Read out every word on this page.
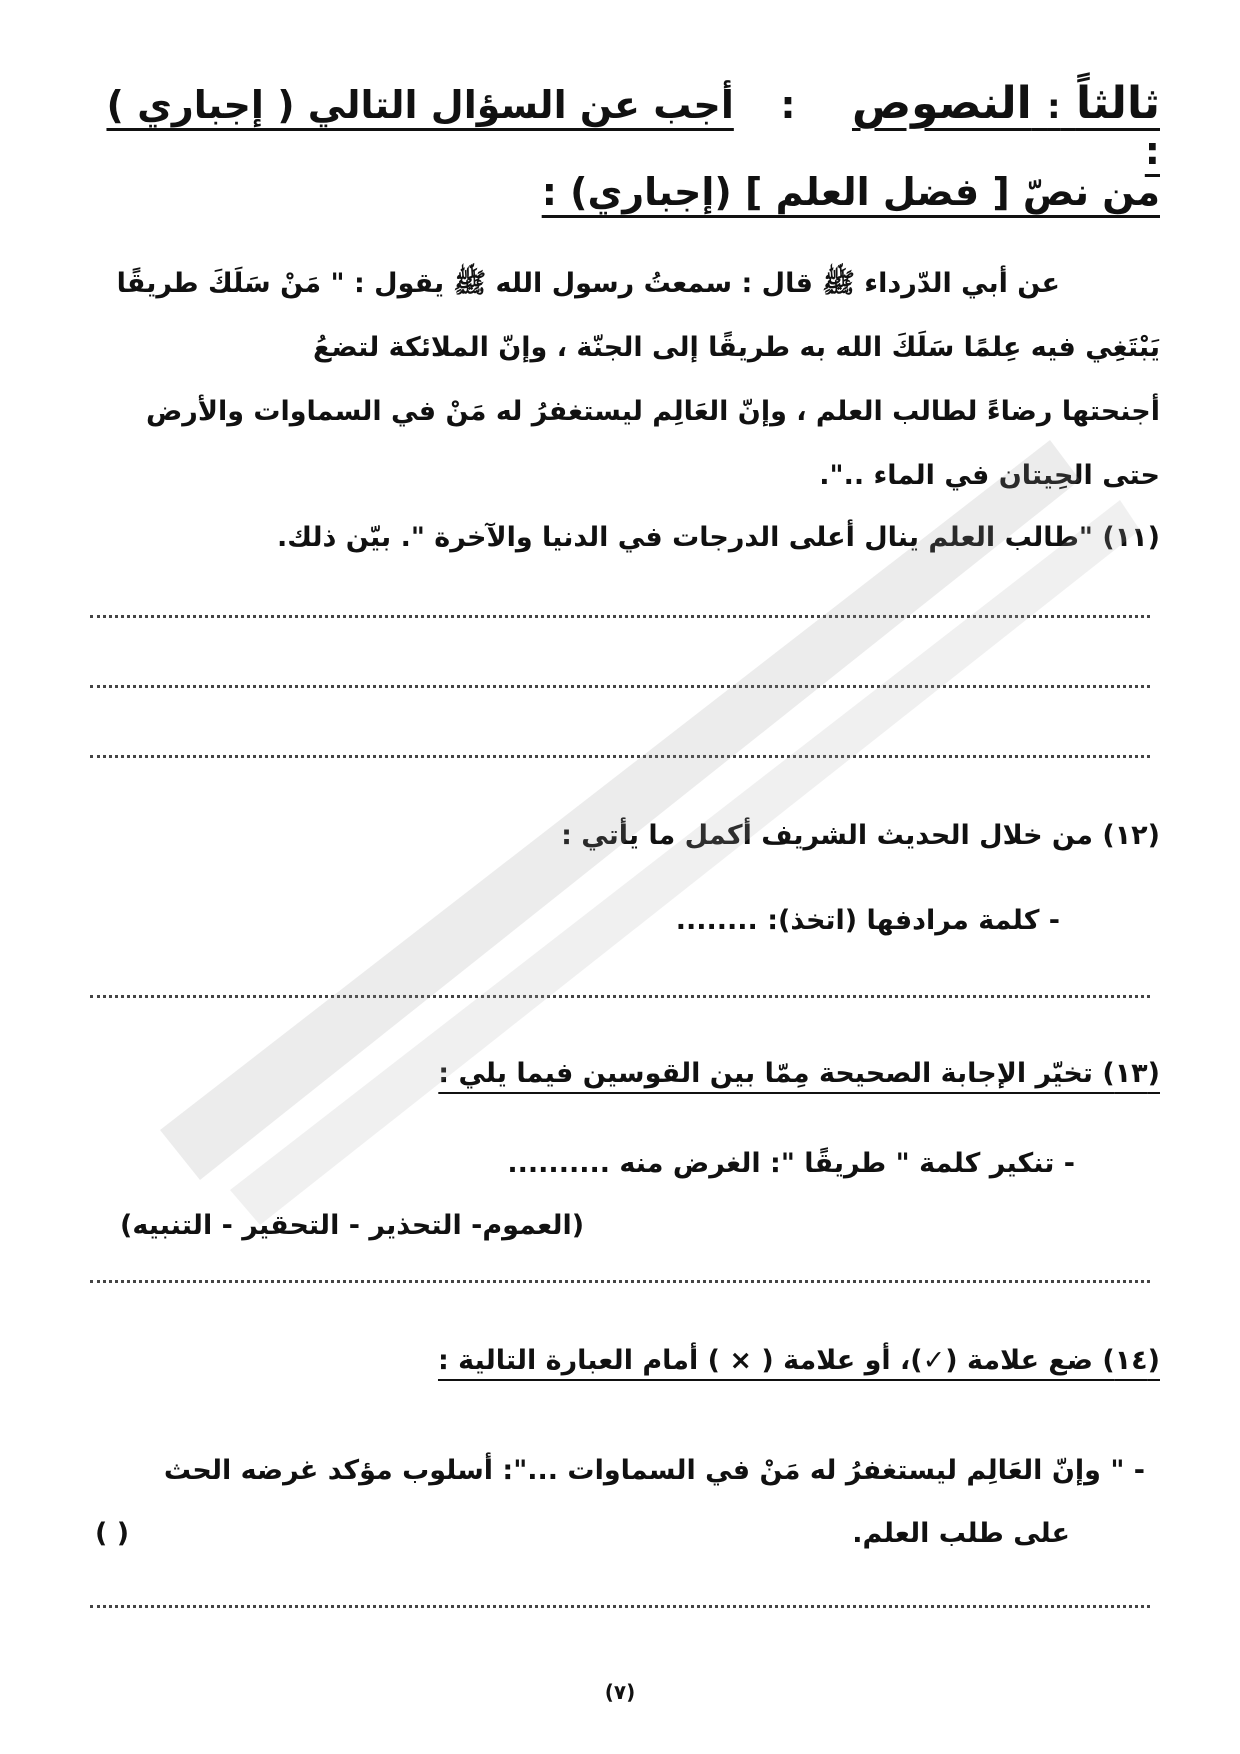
ثالثاً : النصوص  :  أجب عن السؤال التالي ( إجباري ) :
من نصّ [ فضل العلم ] (إجباري) :
عن أبي الدّرداء ﷺ قال : سمعتُ رسول الله ﷺ يقول : " مَنْ سَلَكَ طريقًا
يَبْتَغِي فيه عِلمًا سَلَكَ الله به طريقًا إلى الجنّة ، وإنّ الملائكة لتضعُ
أجنحتها رضاءً لطالب العلم ، وإنّ العَالِم ليستغفرُ له مَنْ في السماوات والأرض
حتى الحِيتان في الماء ..".
(١١) "طالب العلم ينال أعلى الدرجات في الدنيا والآخرة ". بيّن ذلك.
(١٢) من خلال الحديث الشريف أكمل ما يأتي :
- كلمة مرادفها (اتخذ): ........
(١٣) تخيّر الإجابة الصحيحة مِمّا بين القوسين فيما يلي :
- تنكير كلمة " طريقًا ": الغرض منه ..........
(العموم- التحذير - التحقير - التنبيه)
(١٤) ضع علامة (✓)، أو علامة ( × ) أمام العبارة التالية :
- " وإنّ العَالِم ليستغفرُ له مَنْ في السماوات ...": أسلوب مؤكد غرضه الحث
على طلب العلم.
( )
(٧)
